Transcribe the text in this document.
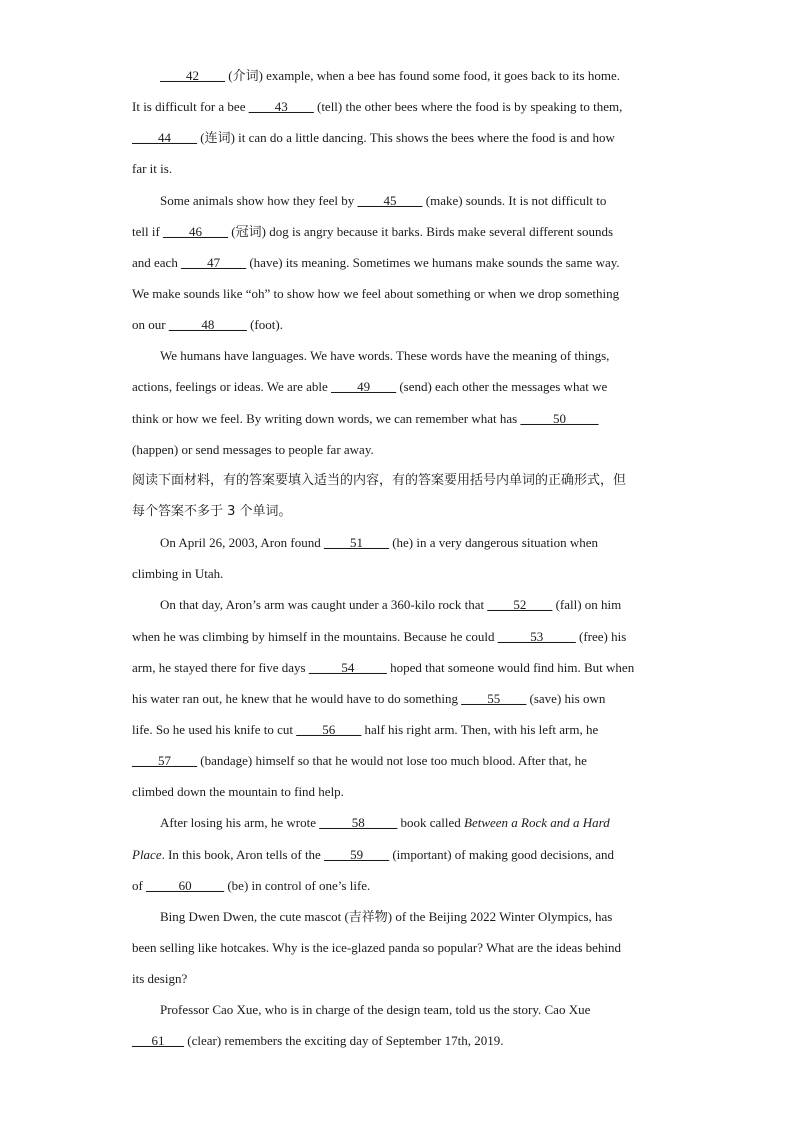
____42____ (介词) example, when a bee has found some food, it goes back to its home.
It is difficult for a bee ____43____ (tell) the other bees where the food is by speaking to them,
____44____ (连词) it can do a little dancing. This shows the bees where the food is and how
far it is.
Some animals show how they feel by ____45____ (make) sounds. It is not difficult to
tell if ____46____ (冠词) dog is angry because it barks. Birds make several different sounds
and each ____47____ (have) its meaning. Sometimes we humans make sounds the same way.
We make sounds like “oh” to show how we feel about something or when we drop something
on our _____48_____ (foot).
We humans have languages. We have words. These words have the meaning of things,
actions, feelings or ideas. We are able ____49____ (send) each other the messages what we
think or how we feel. By writing down words, we can remember what has _____50_____
(happen) or send messages to people far away.
阅读下面材料，有的答案要填入适当的内容，有的答案要用括号内单词的正确形式，但
每个答案不多于 3 个单词。
On April 26, 2003, Aron found ____51____ (he) in a very dangerous situation when
climbing in Utah.
On that day, Aron’s arm was caught under a 360-kilo rock that ____52____ (fall) on him
when he was climbing by himself in the mountains. Because he could _____53_____ (free) his
arm, he stayed there for five days _____54_____ hoped that someone would find him. But when
his water ran out, he knew that he would have to do something ____55____ (save) his own
life. So he used his knife to cut ____56____ half his right arm. Then, with his left arm, he
____57____ (bandage) himself so that he would not lose too much blood. After that, he
climbed down the mountain to find help.
After losing his arm, he wrote _____58_____ book called Between a Rock and a Hard
Place. In this book, Aron tells of the ____59____ (important) of making good decisions, and
of _____60_____ (be) in control of one’s life.
Bing Dwen Dwen, the cute mascot (吉祥物) of the Beijing 2022 Winter Olympics, has
been selling like hotcakes. Why is the ice-glazed panda so popular? What are the ideas behind
its design?
Professor Cao Xue, who is in charge of the design team, told us the story. Cao Xue
___61___ (clear) remembers the exciting day of September 17th, 2019.
